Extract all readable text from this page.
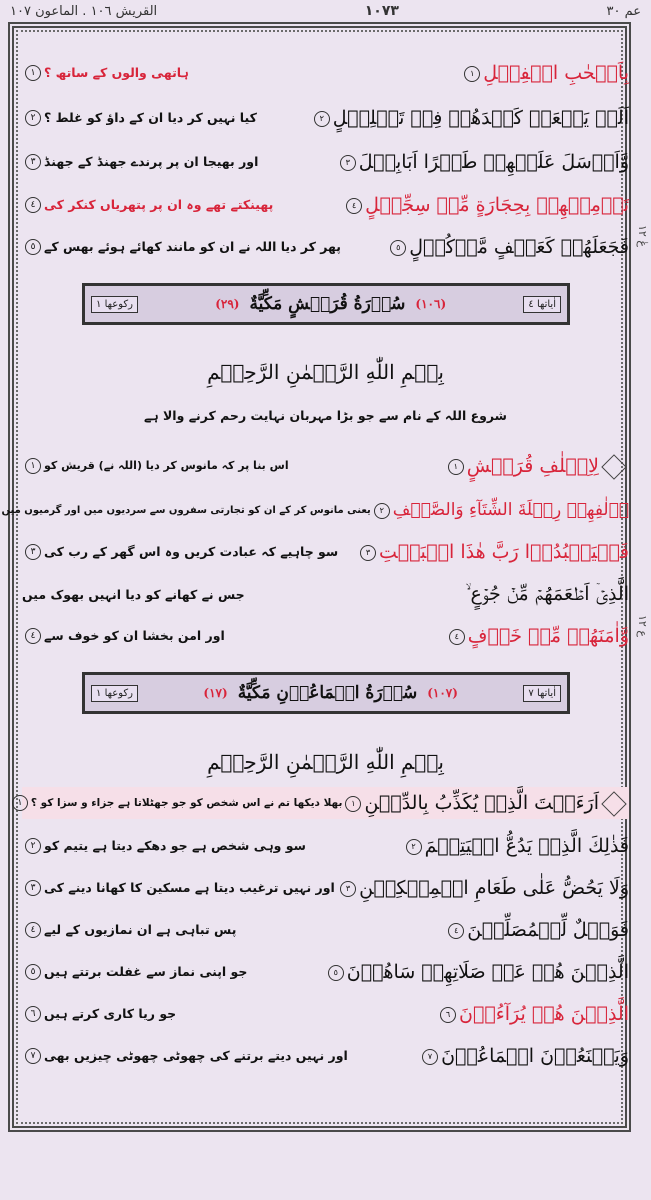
عم ٣٠
١٠٧٣
القريش ١٠٦ . الماعون ١٠٧
عٰ ١٢
ع ١٢
بِاَصۡحٰبِ الۡفِيۡلِ١
ہاتھی والوں کے ساتھ ؟١
اَلَمۡ يَجۡعَلۡ كَيۡدَهُمۡ فِىۡ تَضۡلِيۡلٍ٢
کیا نہیں کر دیا ان کے داؤ کو غلط ؟٢
وَّاَرۡسَلَ عَلَيۡهِمۡ طَيۡرًا اَبَابِيۡلَ٣
اور بھیجا ان پر پرندے جھنڈ کے جھنڈ٣
تَرۡمِيۡهِمۡ بِحِجَارَةٍ مِّنۡ سِجِّيۡلٍ٤
پھینکتے تھے وہ ان پر پتھریاں کنکر کی٤
فَجَعَلَهُمۡ كَعَصۡفٍ مَّاۡكُوۡلٍ٥
پھر کر دیا اللہ نے ان کو مانند کھائے ہوئے بھس کے٥
اٰياتها ٤
(١٠٦)
سُوۡرَةُ قُرَيۡشٍ مَكِّيَّةٌ
(٢٩)
ركوعها ١
بِسۡمِ اللّٰهِ الرَّحۡمٰنِ الرَّحِيۡمِ
شروع اللہ کے نام سے جو بڑا مہربان نہایت رحم کرنے والا ہے
لِاِيۡلٰفِ قُرَيۡشٍ١
اس بنا پر کہ مانوس کر دیا (اللہ نے) قریش کو١
اٖلٰفِهِمۡ رِحۡلَةَ الشِّتَآءِ وَالصَّيۡفِ٢
یعنی مانوس کر کے ان کو تجارتی سفروں سے سردیوں میں اور گرمیوں میں
فَلۡيَعۡبُدُوۡا رَبَّ هٰذَا الۡبَيۡتِ٣
سو چاہیے کہ عبادت کریں وہ اس گھر کے رب کی٣
الَّذِىۡۤ اَطۡعَمَهُمۡ مِّنۡ جُوۡعٍ ۙ
جس نے کھانے کو دیا انہیں بھوک میں
وَّاٰمَنَهُمۡ مِّنۡ خَوۡفٍ٤
اور امن بخشا ان کو خوف سے٤
اٰياتها ٧
(١٠٧)
سُوۡرَةُ الۡمَاعُوۡنِ مَكِّيَّةٌ
(١٧)
ركوعها ١
بِسۡمِ اللّٰهِ الرَّحۡمٰنِ الرَّحِيۡمِ
اَرَءَيۡتَ الَّذِىۡ يُكَذِّبُ بِالدِّيۡنِ١
بھلا دیکھا تم نے اس شخص کو جو جھٹلاتا ہے جزاء و سزا کو ؟١
فَذٰلِكَ الَّذِىۡ يَدُعُّ الۡيَتِيۡمَ٢
سو وہی شخص ہے جو دھکے دیتا ہے یتیم کو٢
وَلَا يَحُضُّ عَلٰى طَعَامِ الۡمِسۡكِيۡنِ٣
اور نہیں ترغیب دیتا ہے مسکین کا کھانا دینے کی٣
فَوَيۡلٌ لِّلۡمُصَلِّيۡنَ٤
پس تباہی ہے ان نمازیوں کے لیے٤
الَّذِيۡنَ هُمۡ عَنۡ صَلَاتِهِمۡ سَاهُوۡنَ٥
جو اپنی نماز سے غفلت برتتے ہیں٥
الَّذِيۡنَ هُمۡ يُرَآءُوۡنَ٦
جو ریا کاری کرتے ہیں٦
وَيَمۡنَعُوۡنَ الۡمَاعُوۡنَ٧
اور نہیں دیتے برتنے کی چھوٹی چھوٹی چیزیں بھی٧
